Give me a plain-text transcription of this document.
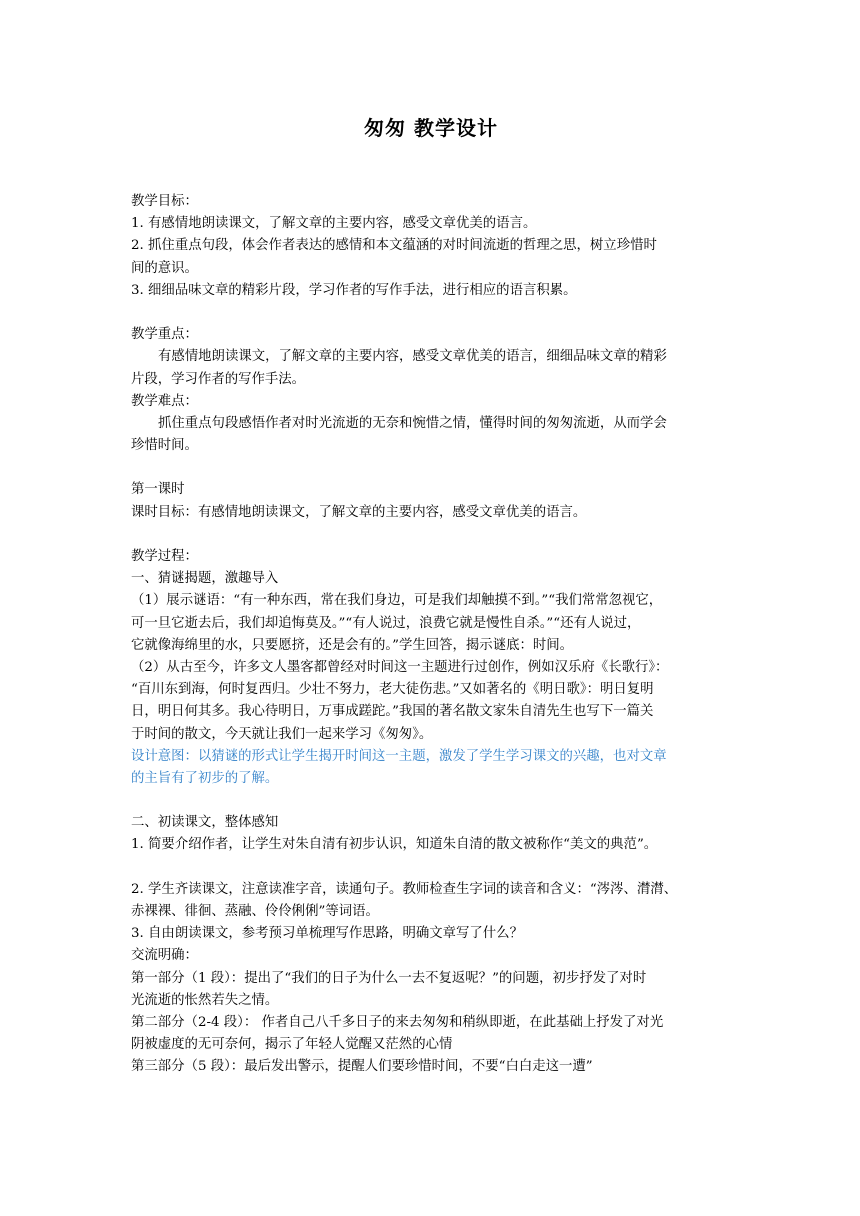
匆匆 教学设计
教学目标：
1. 有感情地朗读课文，了解文章的主要内容，感受文章优美的语言。
2. 抓住重点句段，体会作者表达的感情和本文蕴涵的对时间流逝的哲理之思，树立珍惜时
间的意识。
3. 细细品味文章的精彩片段，学习作者的写作手法，进行相应的语言积累。
教学重点：
有感情地朗读课文，了解文章的主要内容，感受文章优美的语言，细细品味文章的精彩
片段，学习作者的写作手法。
教学难点：
抓住重点句段感悟作者对时光流逝的无奈和惋惜之情，懂得时间的匆匆流逝，从而学会
珍惜时间。
第一课时
课时目标：有感情地朗读课文，了解文章的主要内容，感受文章优美的语言。
教学过程：
一、猜谜揭题，激趣导入
（1）展示谜语：“有一种东西，常在我们身边，可是我们却触摸不到。”“我们常常忽视它，
可一旦它逝去后，我们却追悔莫及。”“有人说过，浪费它就是慢性自杀。”“还有人说过，
它就像海绵里的水，只要愿挤，还是会有的。”学生回答，揭示谜底：时间。
（2）从古至今，许多文人墨客都曾经对时间这一主题进行过创作，例如汉乐府《长歌行》：
“百川东到海，何时复西归。少壮不努力，老大徒伤悲。”又如著名的《明日歌》：明日复明
日，明日何其多。我心待明日，万事成蹉跎。”我国的著名散文家朱自清先生也写下一篇关
于时间的散文，今天就让我们一起来学习《匆匆》。
设计意图：以猜谜的形式让学生揭开时间这一主题，激发了学生学习课文的兴趣，也对文章
的主旨有了初步的了解。
二、初读课文，整体感知
1. 简要介绍作者，让学生对朱自清有初步认识，知道朱自清的散文被称作“美文的典范”。
2. 学生齐读课文，注意读准字音，读通句子。教师检查生字词的读音和含义：“涔涔、潸潸、
赤裸裸、徘徊、蒸融、伶伶俐俐”等词语。
3. 自由朗读课文，参考预习单梳理写作思路，明确文章写了什么？
交流明确：
第一部分（1 段）：提出了“我们的日子为什么一去不复返呢？”的问题，初步抒发了对时
光流逝的怅然若失之情。
第二部分（2-4 段）： 作者自己八千多日子的来去匆匆和稍纵即逝，在此基础上抒发了对光
阴被虚度的无可奈何，揭示了年轻人觉醒又茫然的心情
第三部分（5 段）：最后发出警示，提醒人们要珍惜时间，不要“白白走这一遭”
